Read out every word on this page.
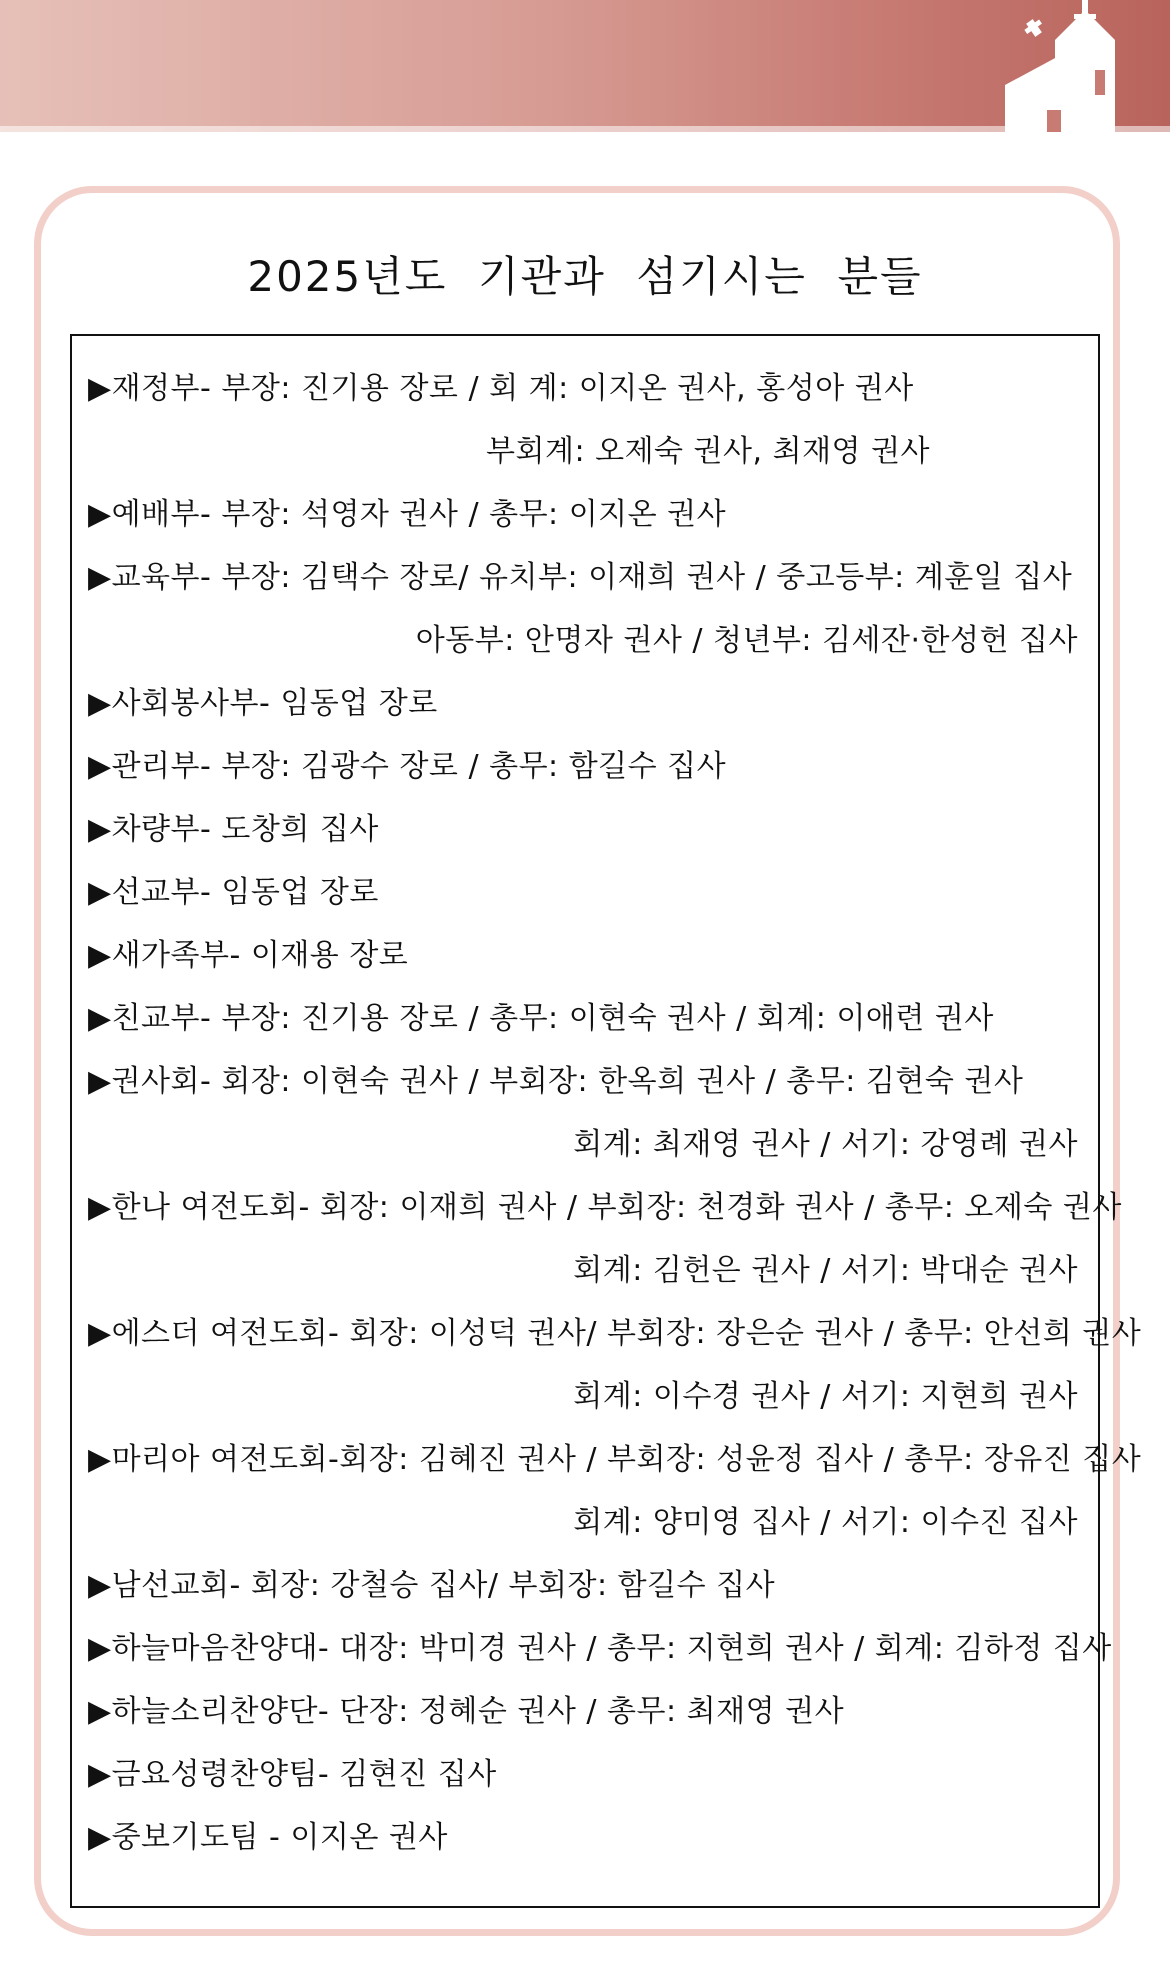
2025년도  기관과  섬기시는  분들
▶재정부- 부장: 진기용 장로 / 회 계: 이지온 권사, 홍성아 권사
부회계: 오제숙 권사, 최재영 권사
▶예배부- 부장: 석영자 권사 / 총무: 이지온 권사
▶교육부- 부장: 김택수 장로/ 유치부: 이재희 권사 / 중고등부: 계훈일 집사
아동부: 안명자 권사 / 청년부: 김세잔·한성헌 집사
▶사회봉사부- 임동업 장로
▶관리부- 부장: 김광수 장로 / 총무: 함길수 집사
▶차량부- 도창희 집사
▶선교부- 임동업 장로
▶새가족부- 이재용 장로
▶친교부- 부장: 진기용 장로 / 총무: 이현숙 권사 / 회계: 이애련 권사
▶권사회- 회장: 이현숙 권사 / 부회장: 한옥희 권사 / 총무: 김현숙 권사
회계: 최재영 권사 / 서기: 강영례 권사
▶한나 여전도회- 회장: 이재희 권사 / 부회장: 천경화 권사 / 총무: 오제숙 권사
회계: 김헌은 권사 / 서기: 박대순 권사
▶에스더 여전도회- 회장: 이성덕 권사/ 부회장: 장은순 권사 / 총무: 안선희 권사
회계: 이수경 권사 / 서기: 지현희 권사
▶마리아 여전도회-회장: 김혜진 권사 / 부회장: 성윤정 집사 / 총무: 장유진 집사
회계: 양미영 집사 / 서기: 이수진 집사
▶남선교회- 회장: 강철승 집사/ 부회장: 함길수 집사
▶하늘마음찬양대- 대장: 박미경 권사 / 총무: 지현희 권사 / 회계: 김하정 집사
▶하늘소리찬양단- 단장: 정혜순 권사 / 총무: 최재영 권사
▶금요성령찬양팀- 김현진 집사
▶중보기도팀 - 이지온 권사
